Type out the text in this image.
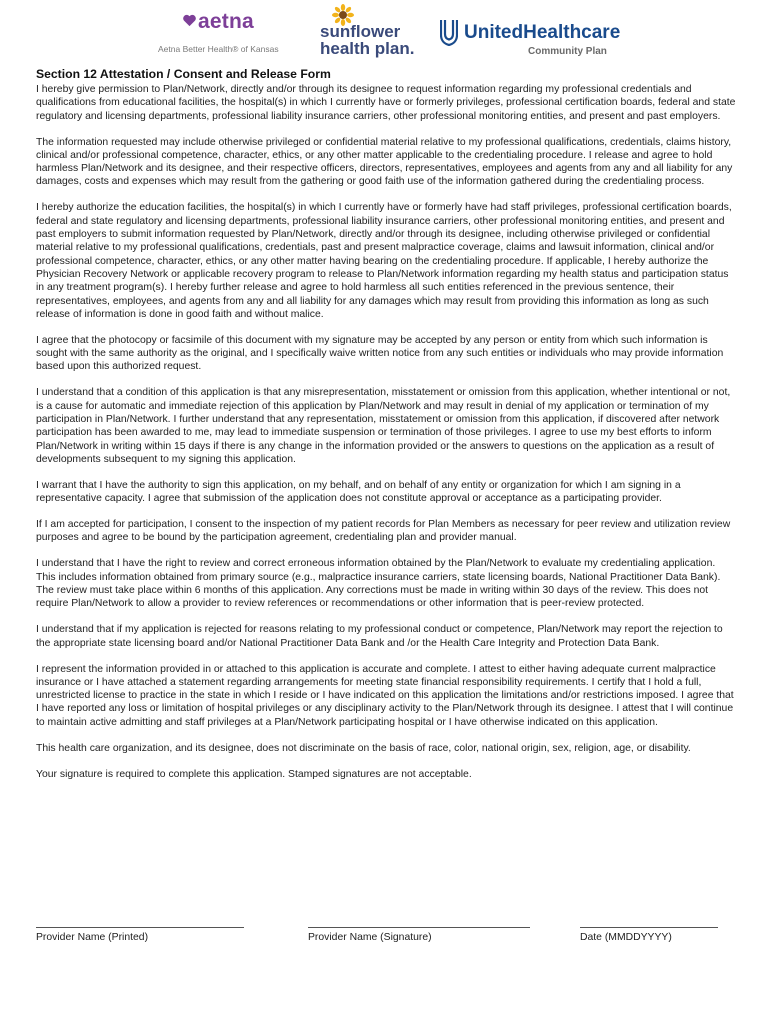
aetna
Aetna Better Health® of Kansas
sunflower
health plan.
UnitedHealthcare
Community Plan
Section 12 Attestation / Consent and Release Form

I hereby give permission to Plan/Network, directly and/or through its designee to request information regarding my professional credentials and qualifications from educational facilities, the hospital(s) in which I currently have or formerly privileges, professional certification boards, federal and state regulatory and licensing departments, professional liability insurance carriers, other professional monitoring entities, and present and past employers.

The information requested may include otherwise privileged or confidential material relative to my professional qualifications, credentials, claims history, clinical and/or professional competence, character, ethics, or any other matter applicable to the credentialing procedure. I release and agree to hold harmless Plan/Network and its designee, and their respective officers, directors, representatives, employees and agents from any and all liability for any damages, costs and expenses which may result from the gathering or good faith use of the information gathered during the credentialing process.

I hereby authorize the education facilities, the hospital(s) in which I currently have or formerly have had staff privileges, professional certification boards, federal and state regulatory and licensing departments, professional liability insurance carriers, other professional monitoring entities, and present and past employers to submit information requested by Plan/Network, directly and/or through its designee, including otherwise privileged or confidential material relative to my professional qualifications, credentials, past and present malpractice coverage, claims and lawsuit information, clinical and/or professional competence, character, ethics, or any other matter having bearing on the credentialing procedure. If applicable, I hereby authorize the Physician Recovery Network or applicable recovery program to release to Plan/Network information regarding my health status and participation status in any treatment program(s). I hereby further release and agree to hold harmless all such entities referenced in the previous sentence, their representatives, employees, and agents from any and all liability for any damages which may result from providing this information as long as such release of information is done in good faith and without malice.

I agree that the photocopy or facsimile of this document with my signature may be accepted by any person or entity from which such information is sought with the same authority as the original, and I specifically waive written notice from any such entities or individuals who may provide information based upon this authorized request.

I understand that a condition of this application is that any misrepresentation, misstatement or omission from this application, whether intentional or not, is a cause for automatic and immediate rejection of this application by Plan/Network and may result in denial of my application or termination of my participation in Plan/Network. I further understand that any representation, misstatement or omission from this application, if discovered after network participation has been awarded to me, may lead to immediate suspension or termination of those privileges. I agree to use my best efforts to inform Plan/Network in writing within 15 days if there is any change in the information provided or the answers to questions on the application as a result of developments subsequent to my signing this application.

I warrant that I have the authority to sign this application, on my behalf, and on behalf of any entity or organization for which I am signing in a representative capacity. I agree that submission of the application does not constitute approval or acceptance as a participating provider.

If I am accepted for participation, I consent to the inspection of my patient records for Plan Members as necessary for peer review and utilization review purposes and agree to be bound by the participation agreement, credentialing plan and provider manual.

I understand that I have the right to review and correct erroneous information obtained by the Plan/Network to evaluate my credentialing application. This includes information obtained from primary source (e.g., malpractice insurance carriers, state licensing boards, National Practitioner Data Bank). The review must take place within 6 months of this application. Any corrections must be made in writing within 30 days of the review. This does not require Plan/Network to allow a provider to review references or recommendations or other information that is peer-review protected.

I understand that if my application is rejected for reasons relating to my professional conduct or competence, Plan/Network may report the rejection to the appropriate state licensing board and/or National Practitioner Data Bank and /or the Health Care Integrity and Protection Data Bank.

I represent the information provided in or attached to this application is accurate and complete. I attest to either having adequate current malpractice insurance or I have attached a statement regarding arrangements for meeting state financial responsibility requirements. I certify that I hold a full, unrestricted license to practice in the state in which I reside or I have indicated on this application the limitations and/or restrictions imposed. I agree that I have reported any loss or limitation of hospital privileges or any disciplinary activity to the Plan/Network through its designee. I attest that I will continue to maintain active admitting and staff privileges at a Plan/Network participating hospital or I have otherwise indicated on this application.

This health care organization, and its designee, does not discriminate on the basis of race, color, national origin, sex, religion, age, or disability.

Your signature is required to complete this application. Stamped signatures are not acceptable.

Provider Name (Printed)	Provider Name (Signature)	Date (MMDDYYYY)
